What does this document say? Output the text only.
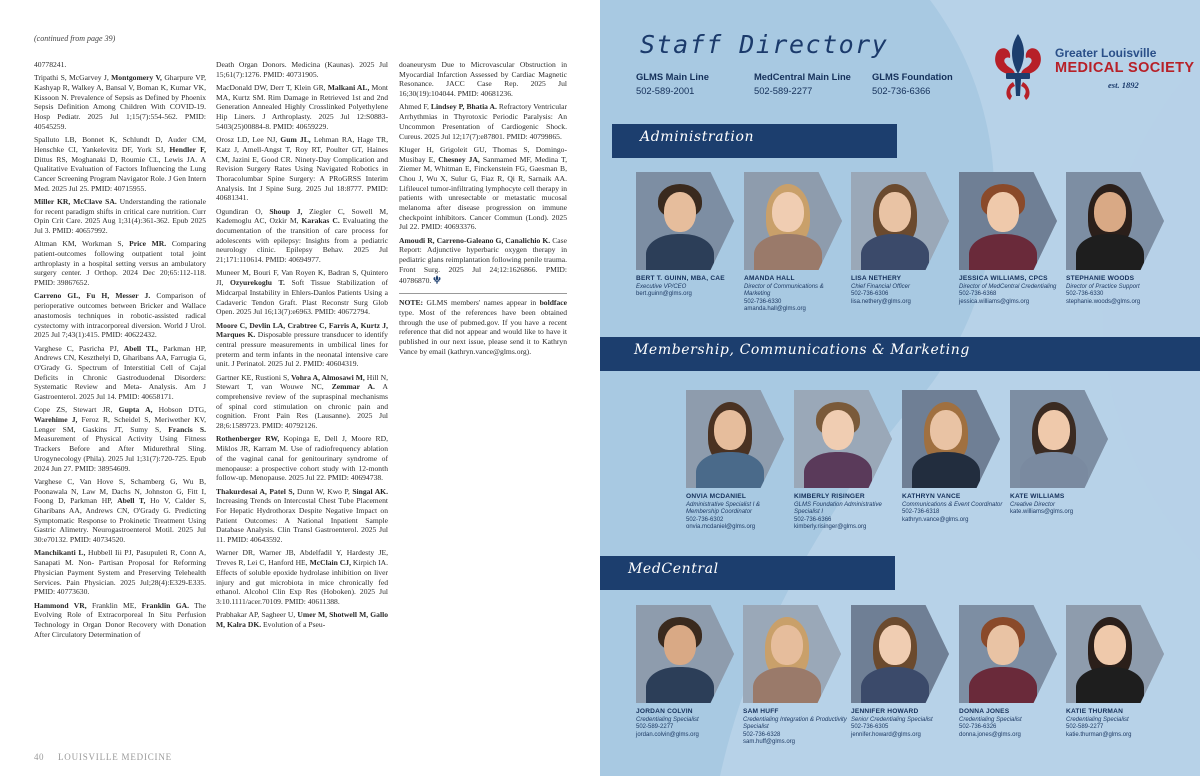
(continued from page 39)

40778241.

Tripathi S, McGarvey J, Montgomery V, Gharpure VP, Kashyap R, Walkey A, Bansal V, Boman K, Kumar VK, Kissoon N. Prevalence of Sepsis as Defined by Phoenix Sepsis Definition Among Children With COVID-19. Hosp Pediatr. 2025 Jul 1;15(7):554-562. PMID: 40545259.

Spalluto LB, Bonnet K, Schlundt D, Auder CM, Henschke CI, Yankelevitz DF, York SJ, Hendler F, Dittus RS, Moghanaki D, Roumie CL, Lewis JA. A Qualitative Evaluation of Factors Influencing the Lung Cancer Screening Program Navigator Role. J Gen Intern Med. 2025 Jul 25. PMID: 40715955.

Miller KR, McClave SA. Understanding the rationale for recent paradigm shifts in critical care nutrition. Curr Opin Crit Care. 2025 Aug 1;31(4):361-362. Epub 2025 Jul 3. PMID: 40657992.

Altman KM, Workman S, Price MR. Comparing patient-outcomes following outpatient total joint arthroplasty in a hospital setting versus an ambulatory surgery center. J Orthop. 2024 Dec 20;65:112-118. PMID: 39867652.

Carreno GL, Fu H, Messer J. Comparison of perioperative outcomes between Bricker and Wallace anastomosis techniques in robotic-assisted radical cystectomy with intracorporeal diversion. World J Urol. 2025 Jul 7;43(1):415. PMID: 40622432.

Varghese C, Pasricha PJ, Abell TL, Parkman HP, Andrews CN, Keszthelyi D, Gharibans AA, Farrugia G, O'Grady G. Spectrum of Interstitial Cell of Cajal Deficits in Chronic Gastroduodenal Disorders: Systematic Review and Meta- Analysis. Am J Gastroenterol. 2025 Jul 14. PMID: 40658171.

Cope ZS, Stewart JR, Gupta A, Hobson DTG, Warehime J, Feroz R, Scheidel S, Meriwether KV, Lenger SM, Gaskins JT, Sumy S, Francis S. Measurement of Physical Activity Using Fitness Trackers Before and After Midurethral Sling. Urogynecology (Phila). 2025 Jul 1;31(7):720-725. Epub 2024 Jun 27. PMID: 38954609.

Varghese C, Van Hove S, Schamberg G, Wu B, Poonawala N, Law M, Dachs N, Johnston G, Fitt I, Foong D, Parkman HP, Abell T, Ho V, Calder S, Gharibans AA, Andrews CN, O'Grady G. Predicting Symptomatic Response to Prokinetic Treatment Using Gastric Alimetry. Neurogastroenterol Motil. 2025 Jul 30:e70132. PMID: 40734520.

Manchikanti L, Hubbell Iii PJ, Pasupuleti R, Conn A, Sanapati M. Non- Partisan Proposal for Reforming Physician Payment System and Preserving Telehealth Services. Pain Physician. 2025 Jul;28(4):E329-E335. PMID: 40773630.

Hammond VR, Franklin ME, Franklin GA. The Evolving Role of Extracorporeal In Situ Perfusion Technology in Organ Donor Recovery with Donation After Circulatory Determination of

Death Organ Donors. Medicina (Kaunas). 2025 Jul 15;61(7):1276. PMID: 40731905.

MacDonald DW, Derr T, Klein GR, Malkani AL, Mont MA, Kurtz SM. Rim Damage in Retrieved 1st and 2nd Generation Annealed Highly Crosslinked Polyethylene Hip Liners. J Arthroplasty. 2025 Jul 12:S0883-5403(25)00884-8. PMID: 40659229.

Orosz LD, Lee NJ, Gum JL, Lehman RA, Hage TR, Katz J, Amell-Angst T, Roy RT, Poulter GT, Haines CM, Jazini E, Good CR. Ninety-Day Complication and Revision Surgery Rates Using Navigated Robotics in Thoracolumbar Spine Surgery: A PRoGRSS Interim Analysis. Int J Spine Surg. 2025 Jul 18:8777. PMID: 40681341.

Ogundiran O, Shoup J, Ziegler C, Sowell M, Kademoglu AC, Ozkir M, Karakas C. Evaluating the documentation of the transition of care process for adolescents with epilepsy: Insights from a pediatric neurology clinic. Epilepsy Behav. 2025 Jul 21;171:110614. PMID: 40694977.

Muneer M, Bouri F, Van Royen K, Badran S, Quintero JI, Ozyurekoglu T. Soft Tissue Stabilization of Midcarpal Instability in Ehlers-Danlos Patients Using a Cadaveric Tendon Graft. Plast Reconstr Surg Glob Open. 2025 Jul 16;13(7):e6963. PMID: 40672794.

Moore C, Devlin LA, Crabtree C, Farris A, Kurtz J, Marques K. Disposable pressure transducer to identify central pressure measurements in umbilical lines for preterm and term infants in the neonatal intensive care unit. J Perinatol. 2025 Jul 2. PMID: 40604319.

Gartner KE, Rustioni S, Vohra A, Almosawi M, Hill N, Stewart T, van Wouwe NC, Zemmar A. A comprehensive review of the supraspinal mechanisms of spinal cord stimulation on chronic pain and cognition. Front Pain Res (Lausanne). 2025 Jul 28;6:1589723. PMID: 40792126.

Rothenberger RW, Kopinga E, Dell J, Moore RD, Miklos JR, Karram M. Use of radiofrequency ablation of the vaginal canal for genitourinary syndrome of menopause: a prospective cohort study with 12-month follow-up. Menopause. 2025 Jul 22. PMID: 40694738.

Thakurdesai A, Patel S, Dunn W, Kwo P, Singal AK. Increasing Trends on Intercostal Chest Tube Placement For Hepatic Hydrothorax Despite Negative Impact on Patient Outcomes: A National Inpatient Sample Database Analysis. Clin Transl Gastroenterol. 2025 Jul 11. PMID: 40643592.

Warner DR, Warner JB, Abdelfadil Y, Hardesty JE, Treves R, Lei C, Hanford HE, McClain CJ, Kirpich IA. Effects of soluble epoxide hydrolase inhibition on liver injury and gut microbiota in mice chronically fed ethanol. Alcohol Clin Exp Res (Hoboken). 2025 Jul 3:10.1111/acer.70109. PMID: 40611388.

Prabhakar AP, Sagheer U, Umer M, Shotwell M, Gallo M, Kalra DK. Evolution of a Pseu-

doaneurysm Due to Microvascular Obstruction in Myocardial Infarction Assessed by Cardiac Magnetic Resonance. JACC Case Rep. 2025 Jul 16;30(19):104044. PMID: 40681236.

Ahmed F, Lindsey P, Bhatia A. Refractory Ventricular Arrhythmias in Thyrotoxic Periodic Paralysis: An Uncommon Presentation of Cardiogenic Shock. Cureus. 2025 Jul 12;17(7):e87801. PMID: 40799865.

Kluger H, Grigoleit GU, Thomas S, Domingo-Musibay E, Chesney JA, Sanmamed MF, Medina T, Ziemer M, Whitman E, Finckenstein FG, Gaesman B, Chou J, Wu X, Sulur G, Fiaz R, Qi R, Sarnaik AA. Lifileucel tumor-infiltrating lymphocyte cell therapy in patients with unresectable or metastatic mucosal melanoma after disease progression on immune checkpoint inhibitors. Cancer Commun (Lond). 2025 Jul 22. PMID: 40693376.

Amoudi R, Carreno-Galeano G, Canalichio K. Case Report: Adjunctive hyperbaric oxygen therapy in pediatric glans reimplantation following penile trauma. Front Surg. 2025 Jul 24;12:1626866. PMID: 40786870.

NOTE: GLMS members' names appear in boldface type. Most of the references have been obtained through the use of pubmed.gov. If you have a recent reference that did not appear and would like to have it published in our next issue, please send it to Kathryn Vance by email (kathryn.vance@glms.org).

40 LOUISVILLE MEDICINE
Staff Directory
GLMS Main Line
502-589-2001
MedCentral Main Line
502-589-2277
GLMS Foundation
502-736-6366
Greater Louisville
MEDICAL SOCIETY
est. 1892
Administration
Membership, Communications & Marketing
MedCentral
BERT T. GUINN, MBA, CAE
Executive VP/CEO
bert.guinn@glms.org
AMANDA HALL
Director of Communications & Marketing
502-736-6330
amanda.hall@glms.org
LISA NETHERY
Chief Financial Officer
502-736-6306
lisa.nethery@glms.org
JESSICA WILLIAMS, CPCS
Director of MedCentral Credentialing
502-736-6368
jessica.williams@glms.org
STEPHANIE WOODS
Director of Practice Support
502-736-6330
stephanie.woods@glms.org
ONVIA MCDANIEL
Administrative Specialist I & Membership Coordinator
502-736-6302
onvia.mcdaniel@glms.org
KIMBERLY RISINGER
GLMS Foundation Administrative Specialist I
502-736-6366
kimberly.risinger@glms.org
KATHRYN VANCE
Communications & Event Coordinator
502-736-6318
kathryn.vance@glms.org
KATE WILLIAMS
Creative Director
kate.williams@glms.org
JORDAN COLVIN
Credentialing Specialist
502-589-2277
jordan.colvin@glms.org
SAM HUFF
Credentialing Integration & Productivity Specialist
502-736-6328
sam.huff@glms.org
JENNIFER HOWARD
Senior Credentialing Specialist
502-736-6305
jennifer.howard@glms.org
DONNA JONES
Credentialing Specialist
502-736-6326
donna.jones@glms.org
KATIE THURMAN
Credentialing Specialist
502-589-2277
katie.thurman@glms.org
